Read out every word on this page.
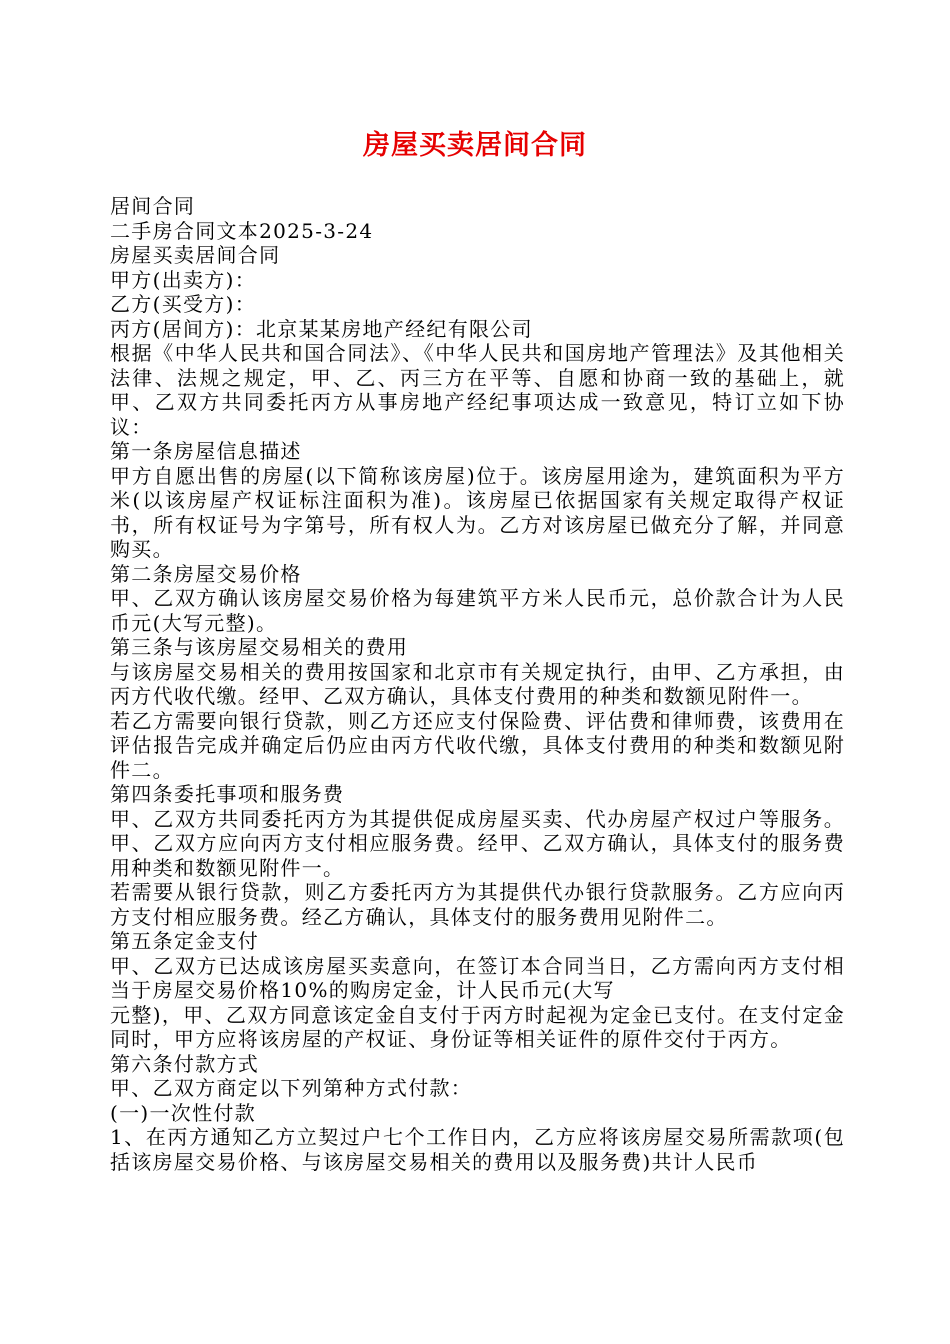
房屋买卖居间合同

居间合同

二手房合同文本2025-3-24

房屋买卖居间合同

甲方(出卖方)：

乙方(买受方)：

丙方(居间方)：北京某某房地产经纪有限公司

根据《中华人民共和国合同法》、《中华人民共和国房地产管理法》及其他相关法律、法规之规定，甲、乙、丙三方在平等、自愿和协商一致的基础上，就甲、乙双方共同委托丙方从事房地产经纪事项达成一致意见，特订立如下协议：

第一条房屋信息描述

甲方自愿出售的房屋(以下简称该房屋)位于。该房屋用途为，建筑面积为平方米(以该房屋产权证标注面积为准)。该房屋已依据国家有关规定取得产权证书，所有权证号为字第号，所有权人为。乙方对该房屋已做充分了解，并同意购买。

第二条房屋交易价格

甲、乙双方确认该房屋交易价格为每建筑平方米人民币元，总价款合计为人民币元(大写元整)。

第三条与该房屋交易相关的费用

与该房屋交易相关的费用按国家和北京市有关规定执行，由甲、乙方承担，由丙方代收代缴。经甲、乙双方确认，具体支付费用的种类和数额见附件一。

若乙方需要向银行贷款，则乙方还应支付保险费、评估费和律师费，该费用在评估报告完成并确定后仍应由丙方代收代缴，具体支付费用的种类和数额见附件二。

第四条委托事项和服务费

甲、乙双方共同委托丙方为其提供促成房屋买卖、代办房屋产权过户等服务。甲、乙双方应向丙方支付相应服务费。经甲、乙双方确认，具体支付的服务费用种类和数额见附件一。

若需要从银行贷款，则乙方委托丙方为其提供代办银行贷款服务。乙方应向丙方支付相应服务费。经乙方确认，具体支付的服务费用见附件二。

第五条定金支付

甲、乙双方已达成该房屋买卖意向，在签订本合同当日，乙方需向丙方支付相当于房屋交易价格10%的购房定金，计人民币元(大写
元整)，甲、乙双方同意该定金自支付于丙方时起视为定金已支付。在支付定金同时，甲方应将该房屋的产权证、身份证等相关证件的原件交付于丙方。

第六条付款方式

甲、乙双方商定以下列第种方式付款：

(一)一次性付款

1、在丙方通知乙方立契过户七个工作日内，乙方应将该房屋交易所需款项(包括该房屋交易价格、与该房屋交易相关的费用以及服务费)共计人民币
